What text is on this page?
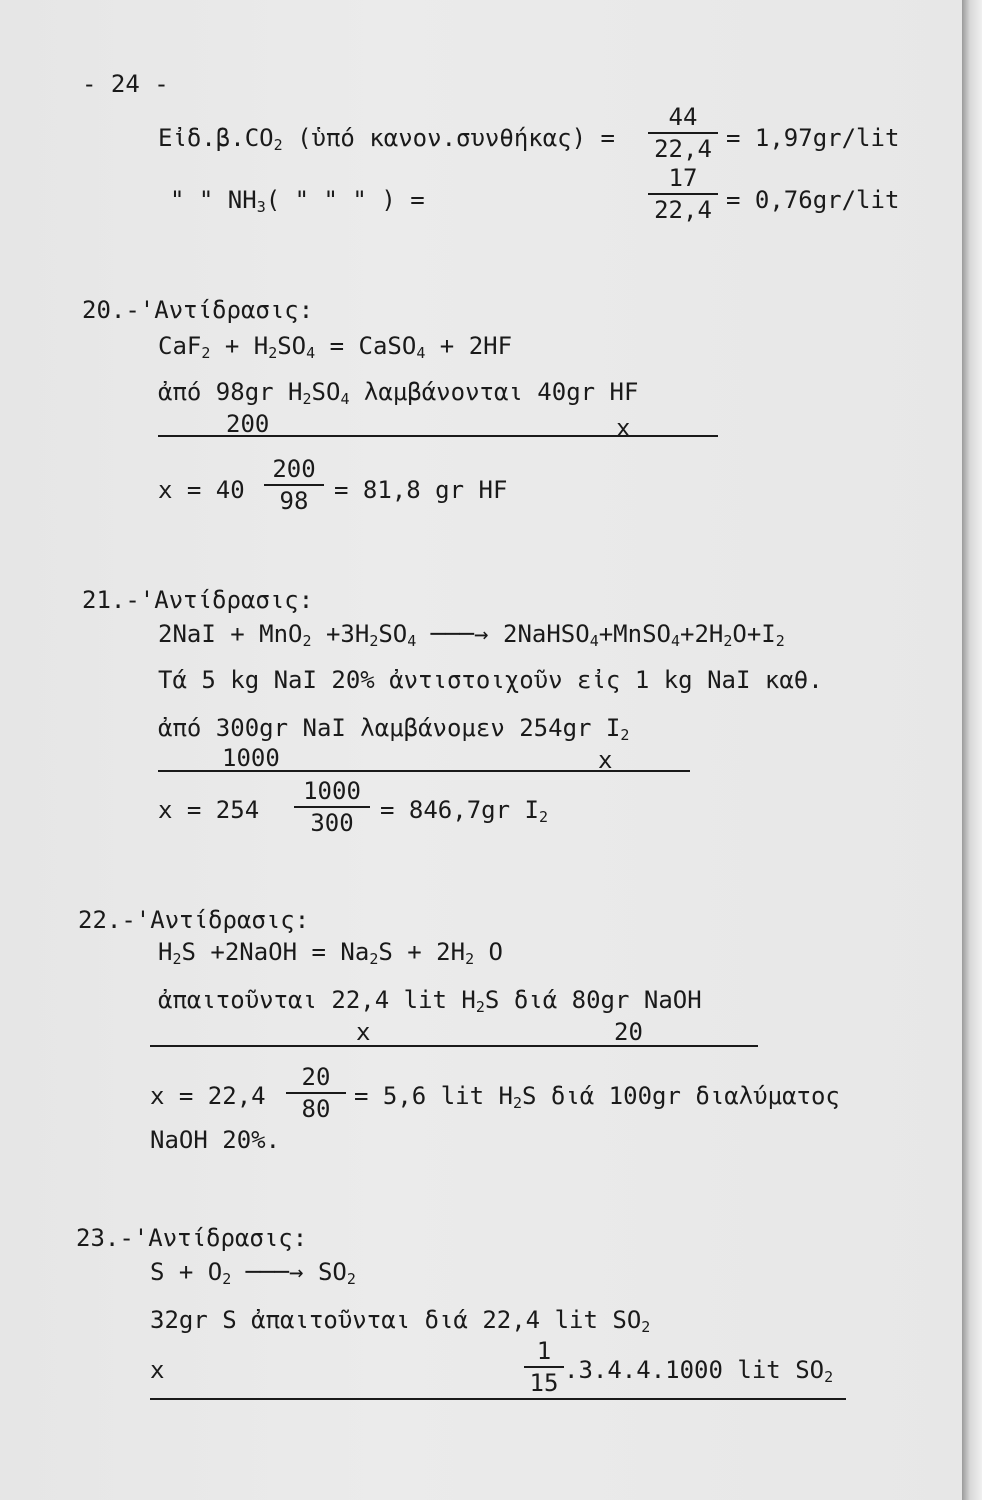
- 24 -
$Eἰ\delta.\beta.CO_2$ (ὑπό κανον.συνθήκας) =
44
22,4 = 1,97gr/lit
" " $NH_3$( " " " ) =
17
22,4 = 0,76gr/lit
20.-'Αντίδρασις:
$CaF_2 + H_2SO_4$ = CaSO$_4$ + 2HF
ἀπό 98gr $H_2SO_4$ λαμβάνονται 40gr HF
200	x
x = 40
200
98	= 81,8 gr HF
21.-'Αντίδρασις:
$2NaI + MnO_2 +3H_2SO_4$ ───→ $2NaHSO_4+MnSO_4+2H_2O+I_2$
Τά 5 kg NaI 20% ἀντιστοιχοῦν εἰς 1 kg NaI καθ.
ἀπό 300gr NaI λαμβάνομεν 254gr $I_2$
1000	x
x = 254
1000
300	= 846,7gr $I_2$
22.-'Αντίδρασις:
$H_2S$ +2NaOH = $Na_2S + 2H_2$ O
ἀπαιτοῦνται 22,4 lit $H_2S$ διά 80gr NaOH
x	20
x = 22,4
20
80 = 5,6 lit $H_2S$ διά 100gr διαλύματος
NaOH 20%.
23.-'Αντίδρασις:
$S + O_2$ ───→ $SO_2$
32gr S ἀπαιτοῦνται διά 22,4 lit $SO_2$
x
1
15 .3.4.4.1000 lit $SO_2$
